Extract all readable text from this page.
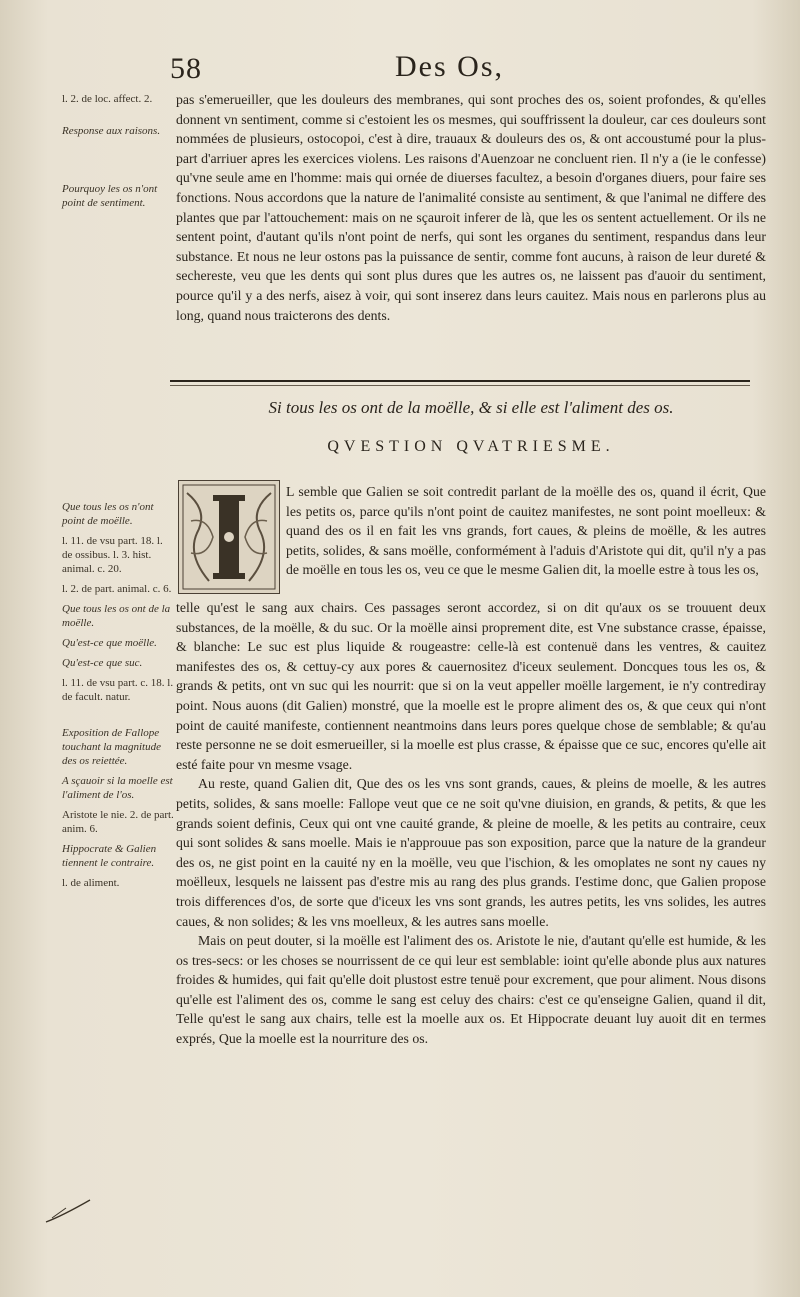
58	Des Os,

l. 2. de loc. affect. 2.

Response aux raisons.

Pourquoy les os n'ont point de sentiment.

pas s'emerueiller, que les douleurs des membranes, qui sont proches des os, soient profondes, & qu'elles donnent vn sentiment, comme si c'estoient les os mesmes, qui souffrissent la douleur, car ces douleurs sont nommées de plusieurs, ostocopoi, c'est à dire, trauaux & douleurs des os, & ont accoustumé pour la plus-part d'arriuer apres les exercices violens. Les raisons d'Auenzoar ne concluent rien. Il n'y a (ie le confesse) qu'vne seule ame en l'homme: mais qui ornée de diuerses facultez, a besoin d'organes diuers, pour faire ses fonctions. Nous accordons que la nature de l'animalité consiste au sentiment, & que l'animal ne differe des plantes que par l'attouchement: mais on ne sçauroit inferer de là, que les os sentent actuellement. Or ils ne sentent point, d'autant qu'ils n'ont point de nerfs, qui sont les organes du sentiment, respandus dans leur substance. Et nous ne leur ostons pas la puissance de sentir, comme font aucuns, à raison de leur dureté & sechereste, veu que les dents qui sont plus dures que les autres os, ne laissent pas d'auoir du sentiment, pource qu'il y a des nerfs, aisez à voir, qui sont inserez dans leurs cauitez. Mais nous en parlerons plus au long, quand nous traicterons des dents.

Si tous les os ont de la moëlle, & si elle est l'aliment des os.
QVESTION QVATRIESME.

Que tous les os n'ont point de moëlle.

l. 11. de vsu part. 18. l. de ossibus. l. 3. hist. animal. c. 20.

l. 2. de part. animal. c. 6.

Que tous les os ont de la moëlle.

Qu'est-ce que moëlle.

Qu'est-ce que suc.

l. 11. de vsu part. c. 18. l. de facult. natur.

Exposition de Fallope touchant la magnitude des os reiettée.

A sçauoir si la moelle est l'aliment de l'os.

Aristote le nie. 2. de part. anim. 6.

Hippocrate & Galien tiennent le contraire.

l. de aliment.

L semble que Galien se soit contredit parlant de la moëlle des os, quand il écrit, Que les petits os, parce qu'ils n'ont point de cauitez manifestes, ne sont point moelleux: & quand des os il en fait les vns grands, fort caues, & pleins de moëlle, & les autres petits, solides, & sans moëlle, conformément à l'aduis d'Aristote qui dit, qu'il n'y a pas de moëlle en tous les os, veu ce que le mesme Galien dit, la moelle estre à tous les os,

telle qu'est le sang aux chairs. Ces passages seront accordez, si on dit qu'aux os se trouuent deux substances, de la moëlle, & du suc. Or la moëlle ainsi proprement dite, est Vne substance crasse, épaisse, & blanche: Le suc est plus liquide & rougeastre: celle-là est contenuë dans les ventres, & cauitez manifestes des os, & cettuy-cy aux pores & cauernositez d'iceux seulement. Doncques tous les os, & grands & petits, ont vn suc qui les nourrit: que si on la veut appeller moëlle largement, ie n'y contrediray point. Nous auons (dit Galien) monstré, que la moelle est le propre aliment des os, & que ceux qui n'ont point de cauité manifeste, contiennent neantmoins dans leurs pores quelque chose de semblable; & qu'au reste personne ne se doit esmerueiller, si la moelle est plus crasse, & épaisse que ce suc, encores qu'elle ait esté faite pour vn mesme vsage.

Au reste, quand Galien dit, Que des os les vns sont grands, caues, & pleins de moelle, & les autres petits, solides, & sans moelle: Fallope veut que ce ne soit qu'vne diuision, en grands, & petits, & que les grands soient definis, Ceux qui ont vne cauité grande, & pleine de moelle, & les petits au contraire, ceux qui sont solides & sans moelle. Mais ie n'approuue pas son exposition, parce que la nature de la grandeur des os, ne gist point en la cauité ny en la moëlle, veu que l'ischion, & les omoplates ne sont ny caues ny moëlleux, lesquels ne laissent pas d'estre mis au rang des plus grands. I'estime donc, que Galien propose trois differences d'os, de sorte que d'iceux les vns sont grands, les autres petits, les vns solides, les autres caues, & non solides; & les vns moelleux, & les autres sans moelle.

Mais on peut douter, si la moëlle est l'aliment des os. Aristote le nie, d'autant qu'elle est humide, & les os tres-secs: or les choses se nourrissent de ce qui leur est semblable: ioint qu'elle abonde plus aux natures froides & humides, qui fait qu'elle doit plustost estre tenuë pour excrement, que pour aliment. Nous disons qu'elle est l'aliment des os, comme le sang est celuy des chairs: c'est ce qu'enseigne Galien, quand il dit, Telle qu'est le sang aux chairs, telle est la moelle aux os. Et Hippocrate deuant luy auoit dit en termes exprés, Que la moelle est la nourriture des os.
